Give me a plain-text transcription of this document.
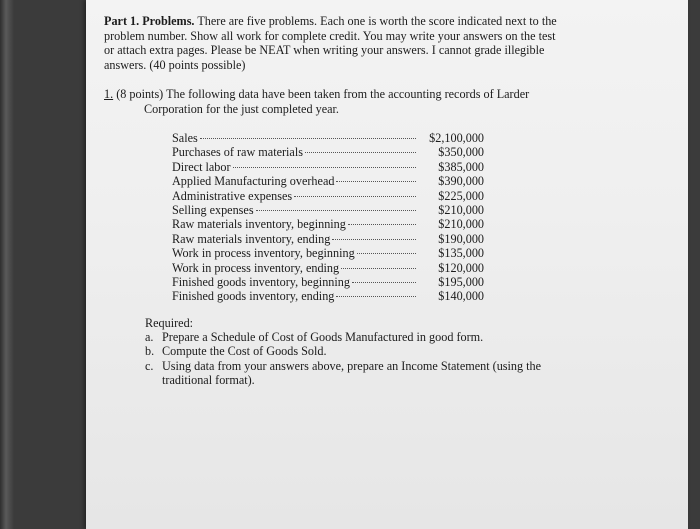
Part 1. Problems. There are five problems. Each one is worth the score indicated next to the problem number. Show all work for complete credit. You may write your answers on the test or attach extra pages. Please be NEAT when writing your answers. I cannot grade illegible answers. (40 points possible)
1. (8 points) The following data have been taken from the accounting records of Larder
Corporation for the just completed year.
Sales	$2,100,000
Purchases of raw materials	$350,000
Direct labor	$385,000
Applied Manufacturing overhead	$390,000
Administrative expenses	$225,000
Selling expenses	$210,000
Raw materials inventory, beginning	$210,000
Raw materials inventory, ending	$190,000
Work in process inventory, beginning	$135,000
Work in process inventory, ending	$120,000
Finished goods inventory, beginning	$195,000
Finished goods inventory, ending	$140,000
Required:
a. Prepare a Schedule of Cost of Goods Manufactured in good form.
b. Compute the Cost of Goods Sold.
c. Using data from your answers above, prepare an Income Statement (using the traditional format).
